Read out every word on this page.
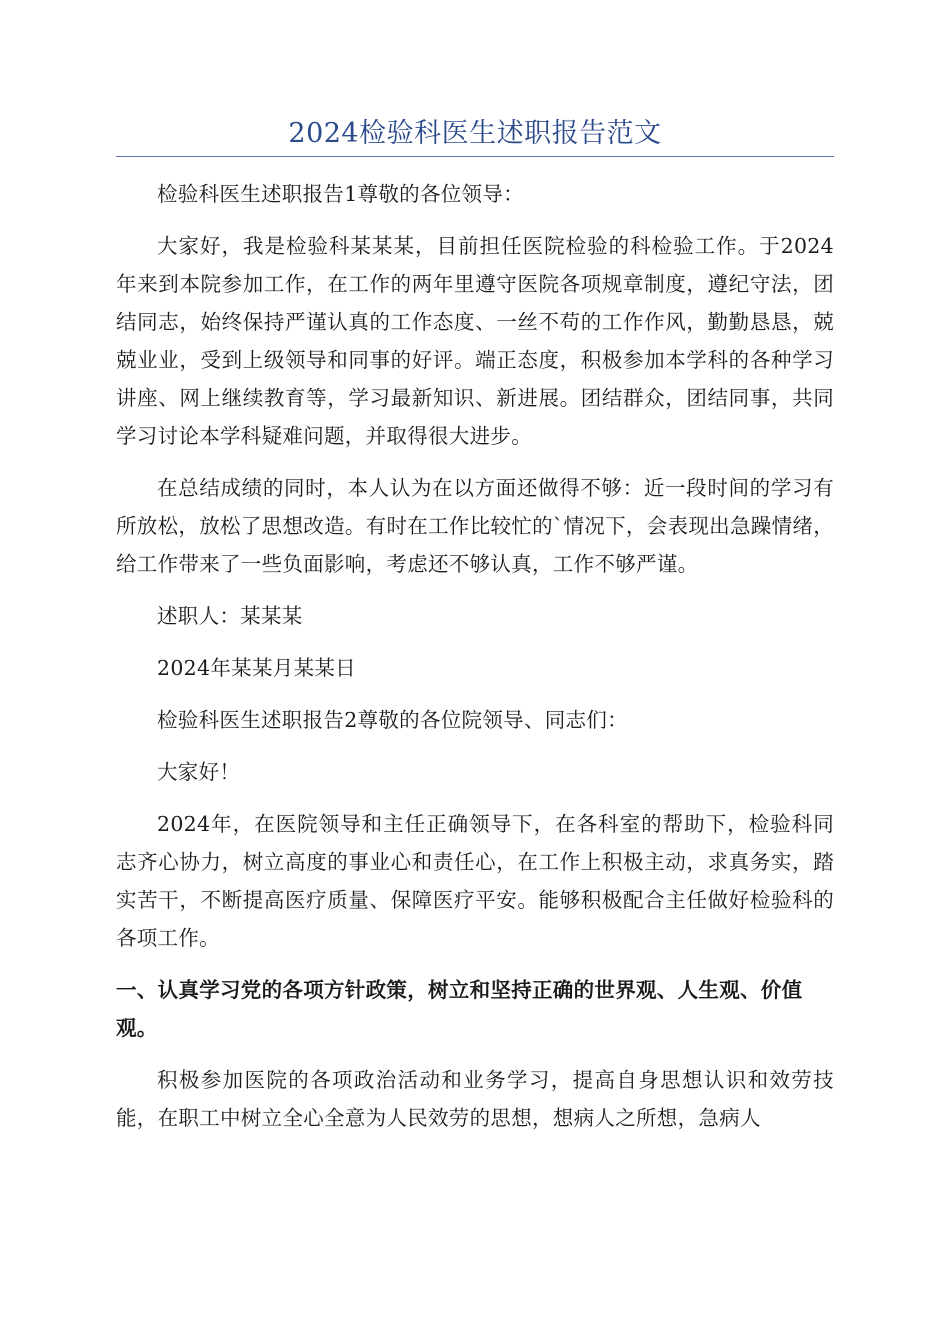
2024检验科医生述职报告范文

检验科医生述职报告1尊敬的各位领导：

大家好，我是检验科某某某，目前担任医院检验的科检验工作。于2024年来到本院参加工作，在工作的两年里遵守医院各项规章制度，遵纪守法，团结同志，始终保持严谨认真的工作态度、一丝不苟的工作作风，勤勤恳恳，兢兢业业，受到上级领导和同事的好评。端正态度，积极参加本学科的各种学习讲座、网上继续教育等，学习最新知识、新进展。团结群众，团结同事，共同学习讨论本学科疑难问题，并取得很大进步。

在总结成绩的同时，本人认为在以方面还做得不够：近一段时间的学习有所放松，放松了思想改造。有时在工作比较忙的`情况下，会表现出急躁情绪，给工作带来了一些负面影响，考虑还不够认真，工作不够严谨。

述职人：某某某

2024年某某月某某日

检验科医生述职报告2尊敬的各位院领导、同志们：

大家好！

2024年，在医院领导和主任正确领导下，在各科室的帮助下，检验科同志齐心协力，树立高度的事业心和责任心，在工作上积极主动，求真务实，踏实苦干，不断提高医疗质量、保障医疗平安。能够积极配合主任做好检验科的各项工作。

一、认真学习党的各项方针政策，树立和坚持正确的世界观、人生观、价值观。

积极参加医院的各项政治活动和业务学习，提高自身思想认识和效劳技能，在职工中树立全心全意为人民效劳的思想，想病人之所想，急病人
